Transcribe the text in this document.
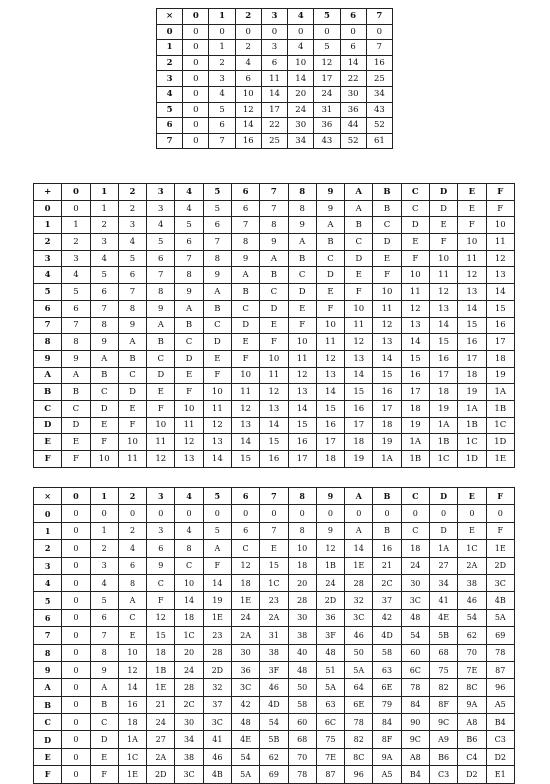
×	0	1	2	3	4	5	6	7
0	0	0	0	0	0	0	0	0
1	0	1	2	3	4	5	6	7
2	0	2	4	6	10	12	14	16
3	0	3	6	11	14	17	22	25
4	0	4	10	14	20	24	30	34
5	0	5	12	17	24	31	36	43
6	0	6	14	22	30	36	44	52
7	0	7	16	25	34	43	52	61
+	0	1	2	3	4	5	6	7	8	9	A	B	C	D	E	F
0	0	1	2	3	4	5	6	7	8	9	A	B	C	D	E	F
1	1	2	3	4	5	6	7	8	9	A	B	C	D	E	F	10
2	2	3	4	5	6	7	8	9	A	B	C	D	E	F	10	11
3	3	4	5	6	7	8	9	A	B	C	D	E	F	10	11	12
4	4	5	6	7	8	9	A	B	C	D	E	F	10	11	12	13
5	5	6	7	8	9	A	B	C	D	E	F	10	11	12	13	14
6	6	7	8	9	A	B	C	D	E	F	10	11	12	13	14	15
7	7	8	9	A	B	C	D	E	F	10	11	12	13	14	15	16
8	8	9	A	B	C	D	E	F	10	11	12	13	14	15	16	17
9	9	A	B	C	D	E	F	10	11	12	13	14	15	16	17	18
A	A	B	C	D	E	F	10	11	12	13	14	15	16	17	18	19
B	B	C	D	E	F	10	11	12	13	14	15	16	17	18	19	1A
C	C	D	E	F	10	11	12	13	14	15	16	17	18	19	1A	1B
D	D	E	F	10	11	12	13	14	15	16	17	18	19	1A	1B	1C
E	E	F	10	11	12	13	14	15	16	17	18	19	1A	1B	1C	1D
F	F	10	11	12	13	14	15	16	17	18	19	1A	1B	1C	1D	1E
×	0	1	2	3	4	5	6	7	8	9	A	B	C	D	E	F
0	0	0	0	0	0	0	0	0	0	0	0	0	0	0	0	0
1	0	1	2	3	4	5	6	7	8	9	A	B	C	D	E	F
2	0	2	4	6	8	A	C	E	10	12	14	16	18	1A	1C	1E
3	0	3	6	9	C	F	12	15	18	1B	1E	21	24	27	2A	2D
4	0	4	8	C	10	14	18	1C	20	24	28	2C	30	34	38	3C
5	0	5	A	F	14	19	1E	23	28	2D	32	37	3C	41	46	4B
6	0	6	C	12	18	1E	24	2A	30	36	3C	42	48	4E	54	5A
7	0	7	E	15	1C	23	2A	31	38	3F	46	4D	54	5B	62	69
8	0	8	10	18	20	28	30	38	40	48	50	58	60	68	70	78
9	0	9	12	1B	24	2D	36	3F	48	51	5A	63	6C	75	7E	87
A	0	A	14	1E	28	32	3C	46	50	5A	64	6E	78	82	8C	96
B	0	B	16	21	2C	37	42	4D	58	63	6E	79	84	8F	9A	A5
C	0	C	18	24	30	3C	48	54	60	6C	78	84	90	9C	A8	B4
D	0	D	1A	27	34	41	4E	5B	68	75	82	8F	9C	A9	B6	C3
E	0	E	1C	2A	38	46	54	62	70	7E	8C	9A	A8	B6	C4	D2
F	0	F	1E	2D	3C	4B	5A	69	78	87	96	A5	B4	C3	D2	E1
